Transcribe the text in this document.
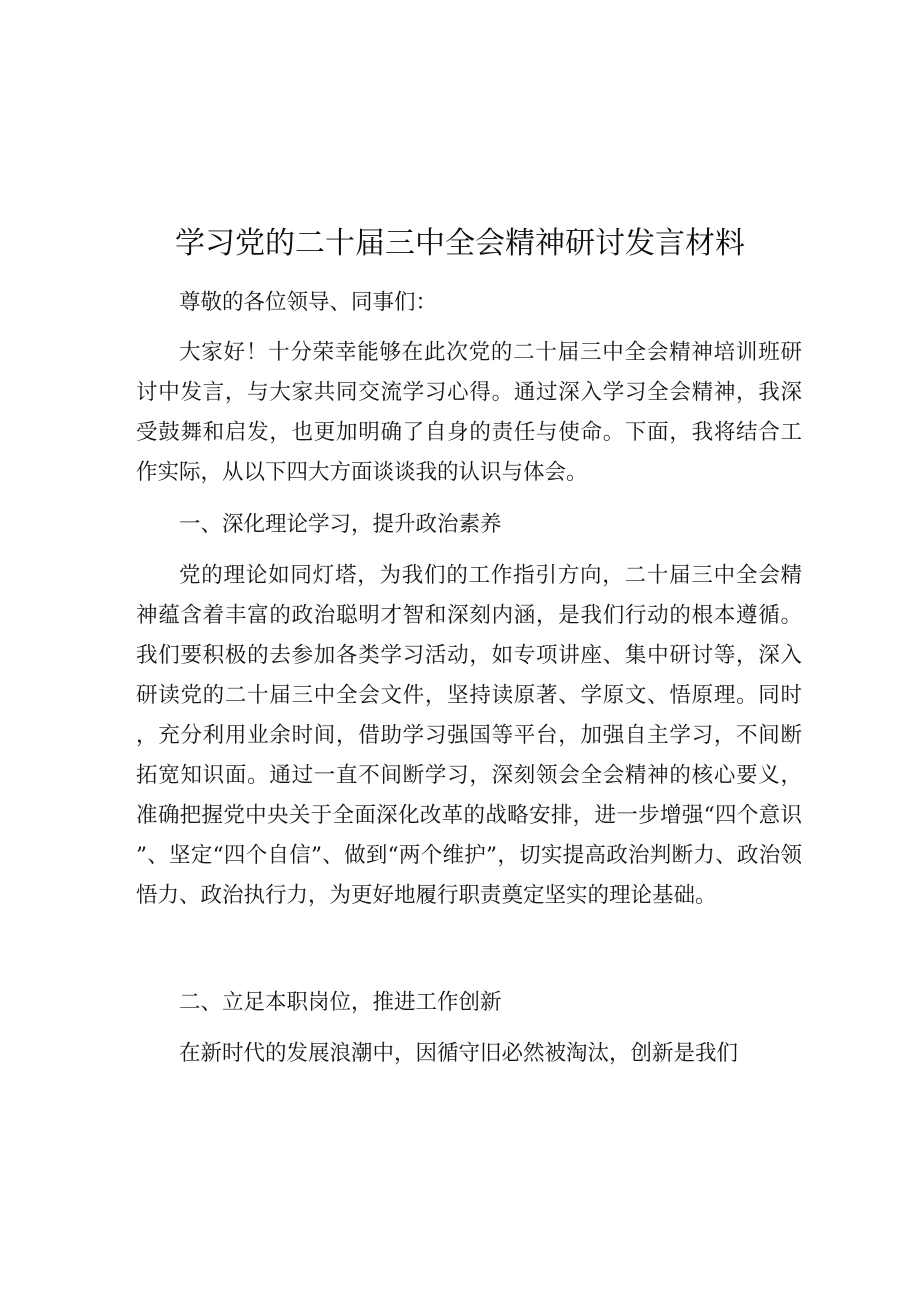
学习党的二十届三中全会精神研讨发言材料

尊敬的各位领导、同事们：

大家好！十分荣幸能够在此次党的二十届三中全会精神培训班研讨中发言，与大家共同交流学习心得。通过深入学习全会精神，我深受鼓舞和启发，也更加明确了自身的责任与使命。下面，我将结合工作实际，从以下四大方面谈谈我的认识与体会。

一、深化理论学习，提升政治素养

党的理论如同灯塔，为我们的工作指引方向，二十届三中全会精神蕴含着丰富的政治聪明才智和深刻内涵，是我们行动的根本遵循。我们要积极的去参加各类学习活动，如专项讲座、集中研讨等，深入研读党的二十届三中全会文件，坚持读原著、学原文、悟原理。同时，充分利用业余时间，借助学习强国等平台，加强自主学习，不间断拓宽知识面。通过一直不间断学习，深刻领会全会精神的核心要义，准确把握党中央关于全面深化改革的战略安排，进一步增强“四个意识”、坚定“四个自信”、做到“两个维护”，切实提高政治判断力、政治领悟力、政治执行力，为更好地履行职责奠定坚实的理论基础。

二、立足本职岗位，推进工作创新

在新时代的发展浪潮中，因循守旧必然被淘汰，创新是我们
